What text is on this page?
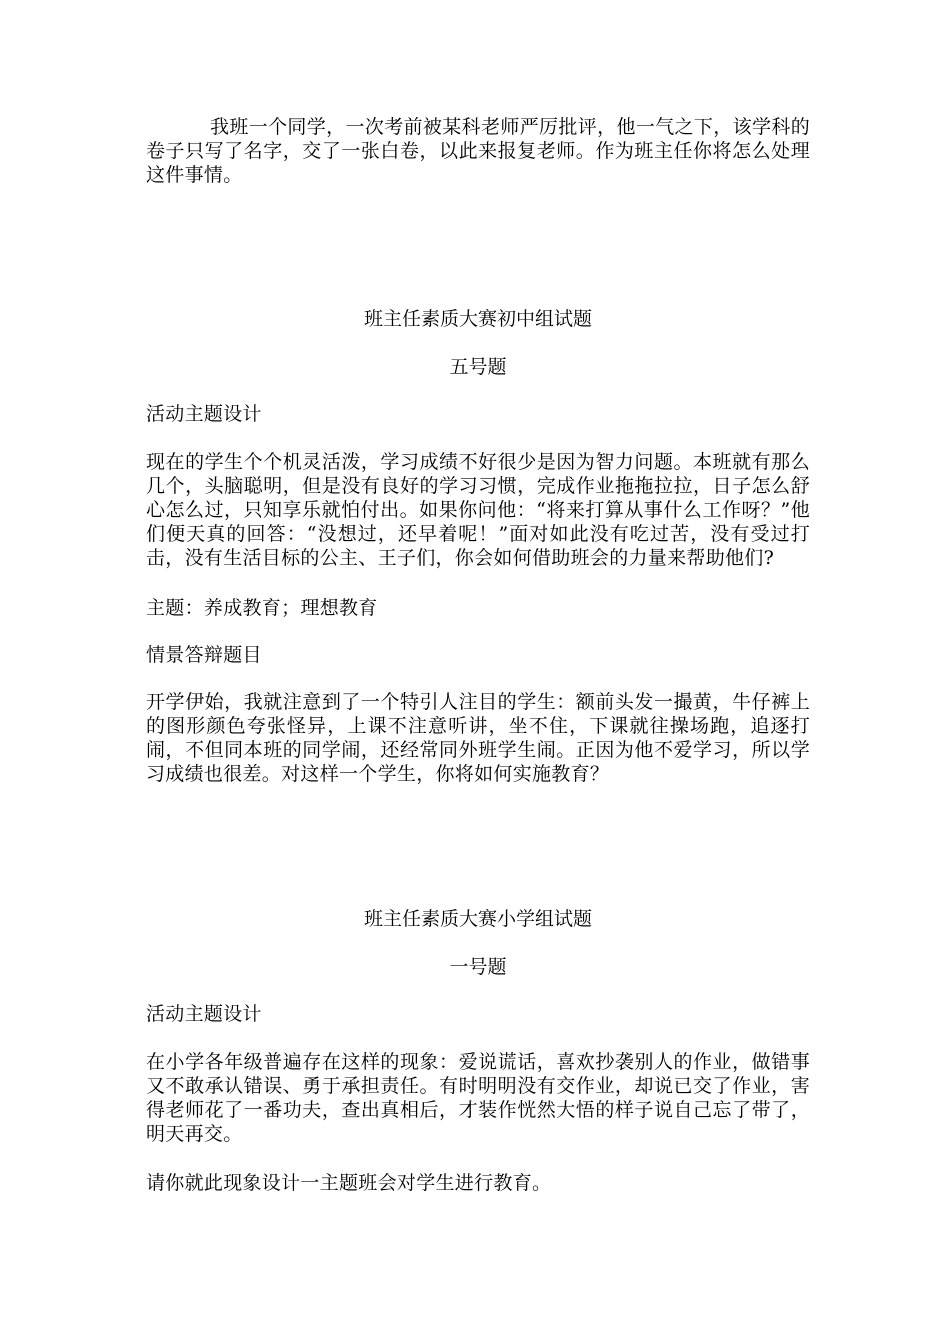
我班一个同学，一次考前被某科老师严厉批评，他一气之下，该学科的卷子只写了名字，交了一张白卷，以此来报复老师。作为班主任你将怎么处理这件事情。

班主任素质大赛初中组试题

五号题

活动主题设计

现在的学生个个机灵活泼，学习成绩不好很少是因为智力问题。本班就有那么几个，头脑聪明，但是没有良好的学习习惯，完成作业拖拖拉拉，日子怎么舒心怎么过，只知享乐就怕付出。如果你问他：“将来打算从事什么工作呀？”他们便天真的回答：“没想过，还早着呢！”面对如此没有吃过苦，没有受过打击，没有生活目标的公主、王子们，你会如何借助班会的力量来帮助他们?

主题：养成教育；理想教育

情景答辩题目

开学伊始，我就注意到了一个特引人注目的学生：额前头发一撮黄，牛仔裤上的图形颜色夸张怪异，上课不注意听讲，坐不住，下课就往操场跑，追逐打闹，不但同本班的同学闹，还经常同外班学生闹。正因为他不爱学习，所以学习成绩也很差。对这样一个学生，你将如何实施教育？

班主任素质大赛小学组试题

一号题

活动主题设计

在小学各年级普遍存在这样的现象：爱说谎话，喜欢抄袭别人的作业，做错事又不敢承认错误、勇于承担责任。有时明明没有交作业，却说已交了作业，害得老师花了一番功夫，查出真相后，才装作恍然大悟的样子说自己忘了带了，明天再交。

请你就此现象设计一主题班会对学生进行教育。
